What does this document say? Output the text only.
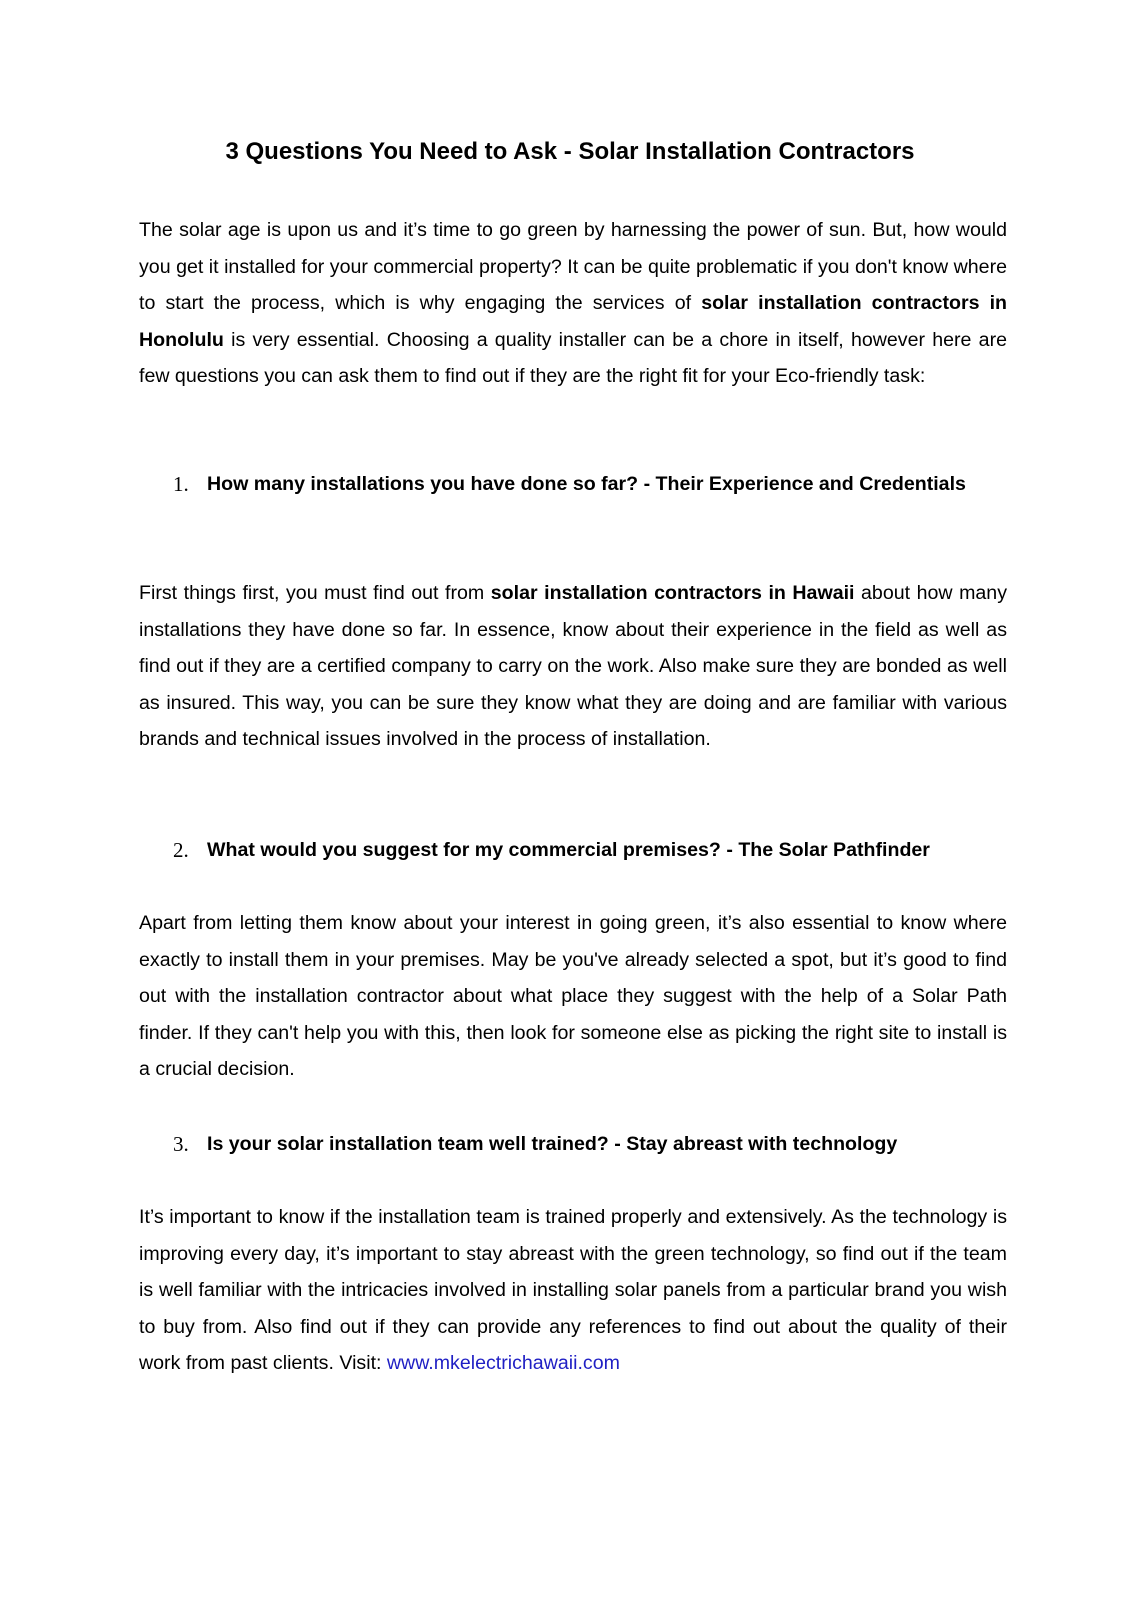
3 Questions You Need to Ask - Solar Installation Contractors

The solar age is upon us and it’s time to go green by harnessing the power of sun. But, how would you get it installed for your commercial property? It can be quite problematic if you don't know where to start the process, which is why engaging the services of solar installation contractors in Honolulu is very essential. Choosing a quality installer can be a chore in itself, however here are few questions you can ask them to find out if they are the right fit for your Eco-friendly task:

1. How many installations you have done so far? - Their Experience and Credentials

First things first, you must find out from solar installation contractors in Hawaii about how many installations they have done so far. In essence, know about their experience in the field as well as find out if they are a certified company to carry on the work. Also make sure they are bonded as well as insured. This way, you can be sure they know what they are doing and are familiar with various brands and technical issues involved in the process of installation.

2. What would you suggest for my commercial premises? - The Solar Pathfinder

Apart from letting them know about your interest in going green, it’s also essential to know where exactly to install them in your premises. May be you've already selected a spot, but it’s good to find out with the installation contractor about what place they suggest with the help of a Solar Path finder. If they can't help you with this, then look for someone else as picking the right site to install is a crucial decision.

3. Is your solar installation team well trained? - Stay abreast with technology

It’s important to know if the installation team is trained properly and extensively. As the technology is improving every day, it’s important to stay abreast with the green technology, so find out if the team is well familiar with the intricacies involved in installing solar panels from a particular brand you wish to buy from. Also find out if they can provide any references to find out about the quality of their work from past clients. Visit: www.mkelectrichawaii.com
